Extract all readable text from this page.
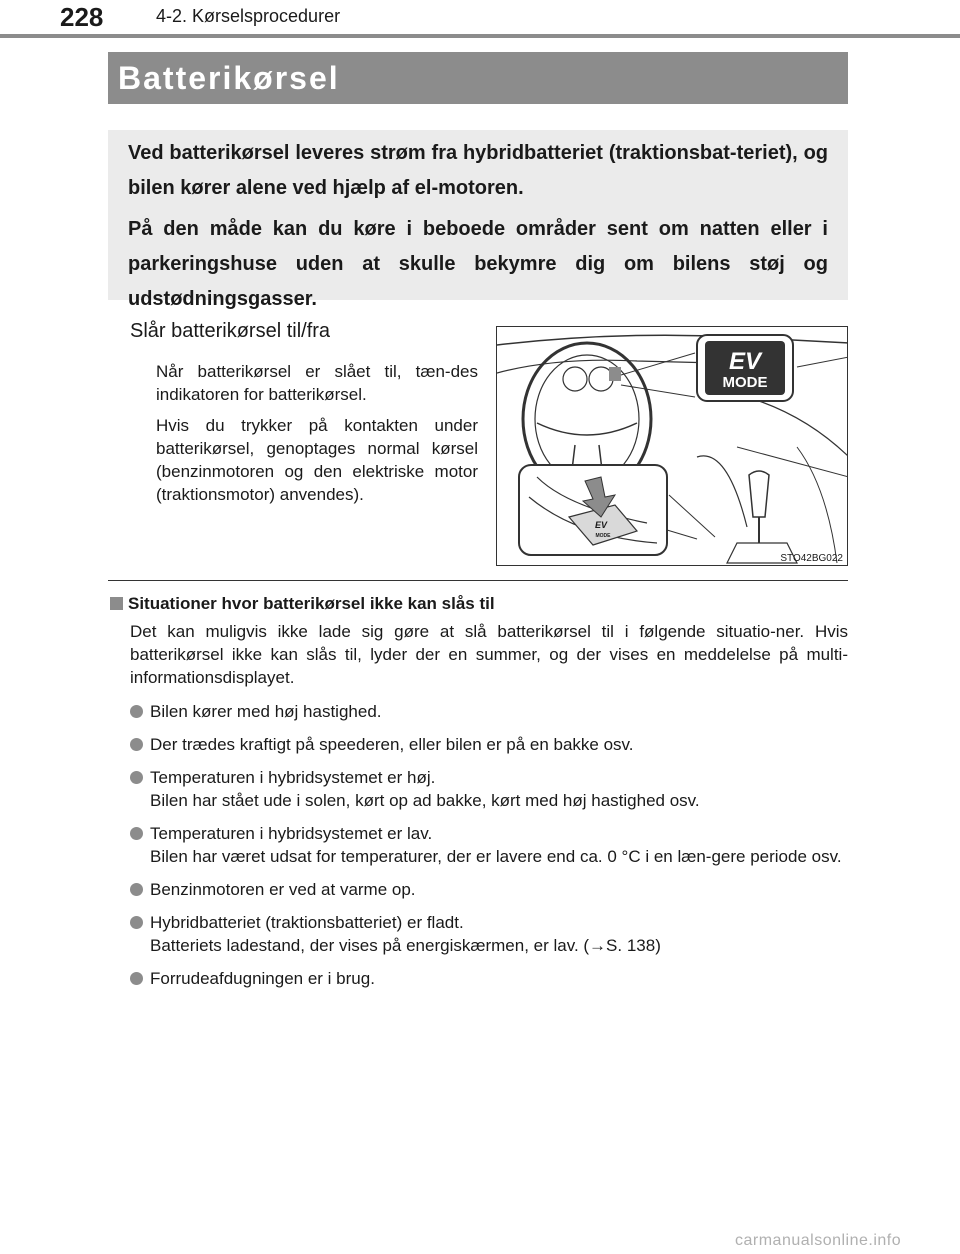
228	4-2. Kørselsprocedurer
Batterikørsel

Ved batterikørsel leveres strøm fra hybridbatteriet (traktionsbat-teriet), og bilen kører alene ved hjælp af el-motoren.

På den måde kan du køre i beboede områder sent om natten eller i parkeringshuse uden at skulle bekymre dig om bilens støj og udstødningsgasser.

Slår batterikørsel til/fra
Når batterikørsel er slået til, tæn-des indikatoren for batterikørsel.
Hvis du trykker på kontakten under batterikørsel, genoptages normal kørsel (benzinmotoren og den elektriske motor (traktionsmotor) anvendes).
EV
MODE
EV
MODE
STO42BG022
Situationer hvor batterikørsel ikke kan slås til
Det kan muligvis ikke lade sig gøre at slå batterikørsel til i følgende situatio-ner. Hvis batterikørsel ikke kan slås til, lyder der en summer, og der vises en meddelelse på multi-informationsdisplayet.
Bilen kører med høj hastighed.
Der trædes kraftigt på speederen, eller bilen er på en bakke osv.
Temperaturen i hybridsystemet er høj.
Bilen har stået ude i solen, kørt op ad bakke, kørt med høj hastighed osv.
Temperaturen i hybridsystemet er lav.
Bilen har været udsat for temperaturer, der er lavere end ca. 0 °C i en læn-gere periode osv.
Benzinmotoren er ved at varme op.
Hybridbatteriet (traktionsbatteriet) er fladt.
Batteriets ladestand, der vises på energiskærmen, er lav. (→S. 138)
Forrudeafdugningen er i brug.
carmanualsonline.info
